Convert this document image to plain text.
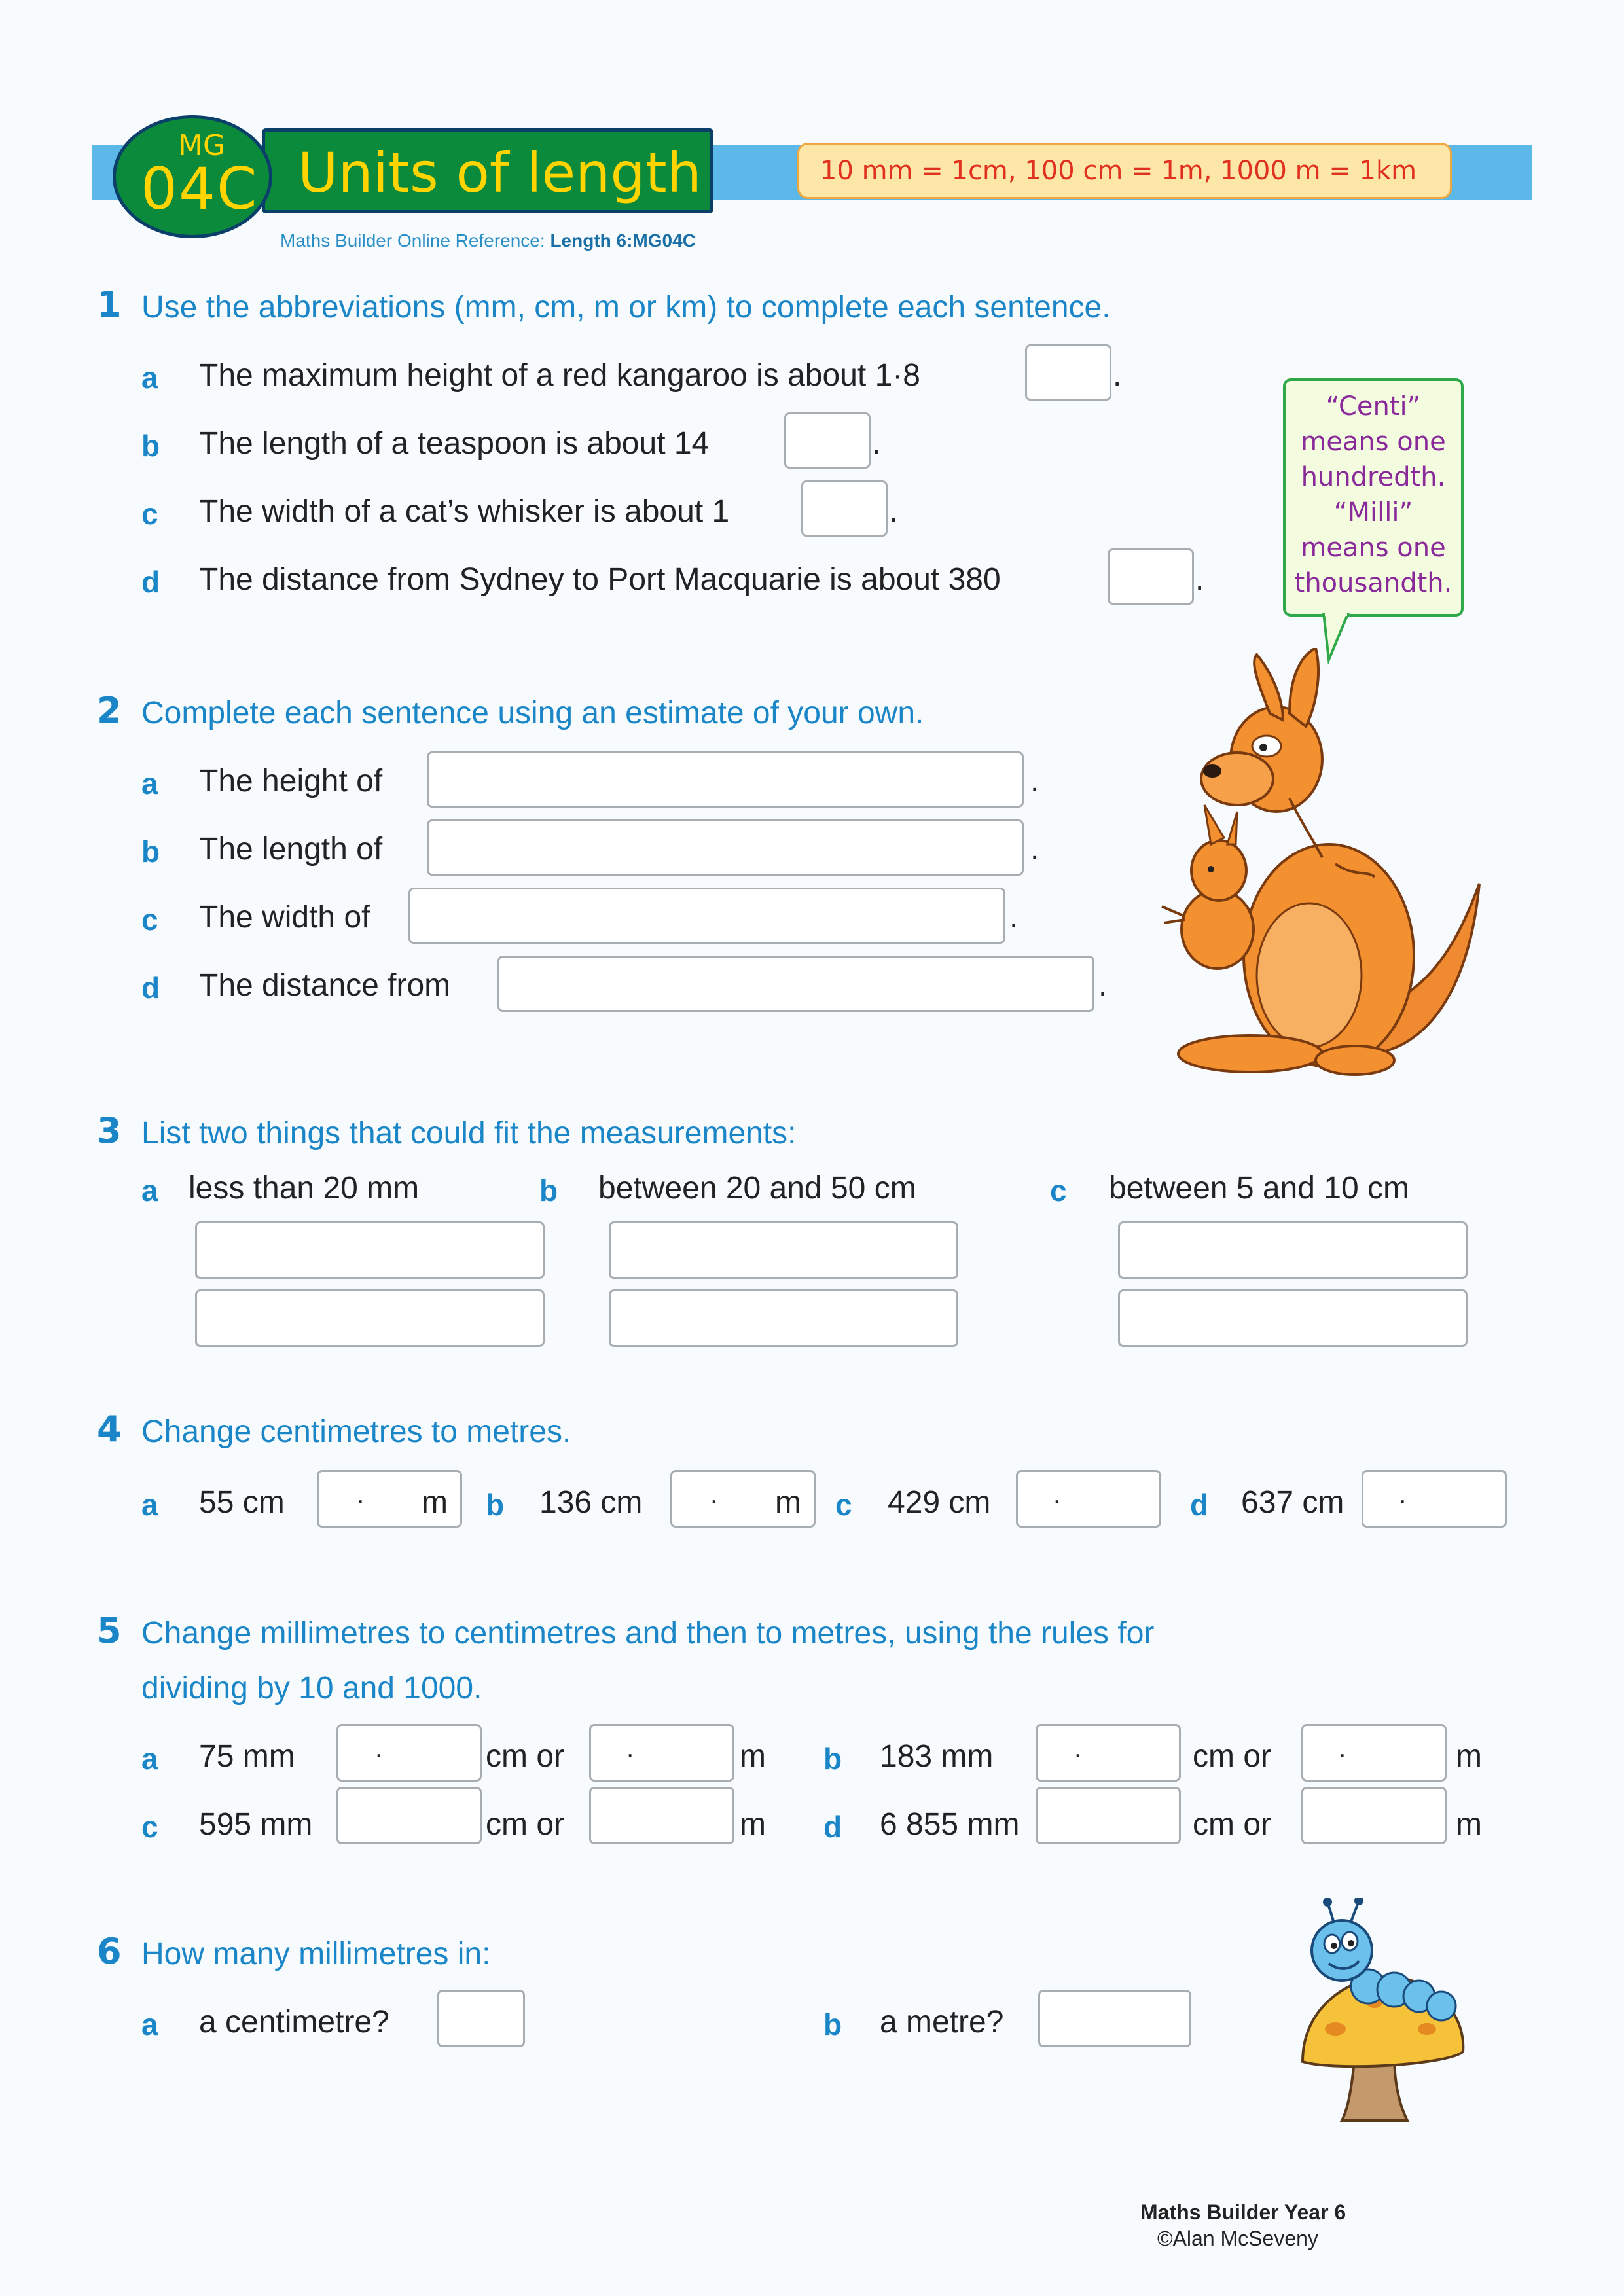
Units of length
MG
04C	10 mm = 1cm, 100 cm = 1m, 1000 m = 1km
Maths Builder Online Reference: Length 6:MG04C
1 Use the abbreviations (mm, cm, m or km) to complete each sentence.
a The maximum height of a red kangaroo is about 1·8	.
b The length of a teaspoon is about 14	.
c The width of a cat’s whisker is about 1	.
d The distance from Sydney to Port Macquarie is about 380	.
“Centi”
means one
hundredth.
“Milli”
means one
thousandth.
2 Complete each sentence using an estimate of your own.
a The height of	.
b The length of	.
c The width of	.
d The distance from	.
3 List two things that could fit the measurements:
a less than 20 mm	b between 20 and 50 cm	c between 5 and 10 cm
4 Change centimetres to metres.
a 55 cm	· m b 136 cm	· m c 429 cm ·	d 637 cm ·
5 Change millimetres to centimetres and then to metres, using the rules for
dividing by 10 and 1000.
a 75 mm	·	cm or ·	m b 183 mm	·	cm or	·	m
c 595 mm	cm or	m d 6 855 mm	cm or	m
6 How many millimetres in:
a a centimetre?	b a metre?
Maths Builder Year 6
©Alan McSeveny
